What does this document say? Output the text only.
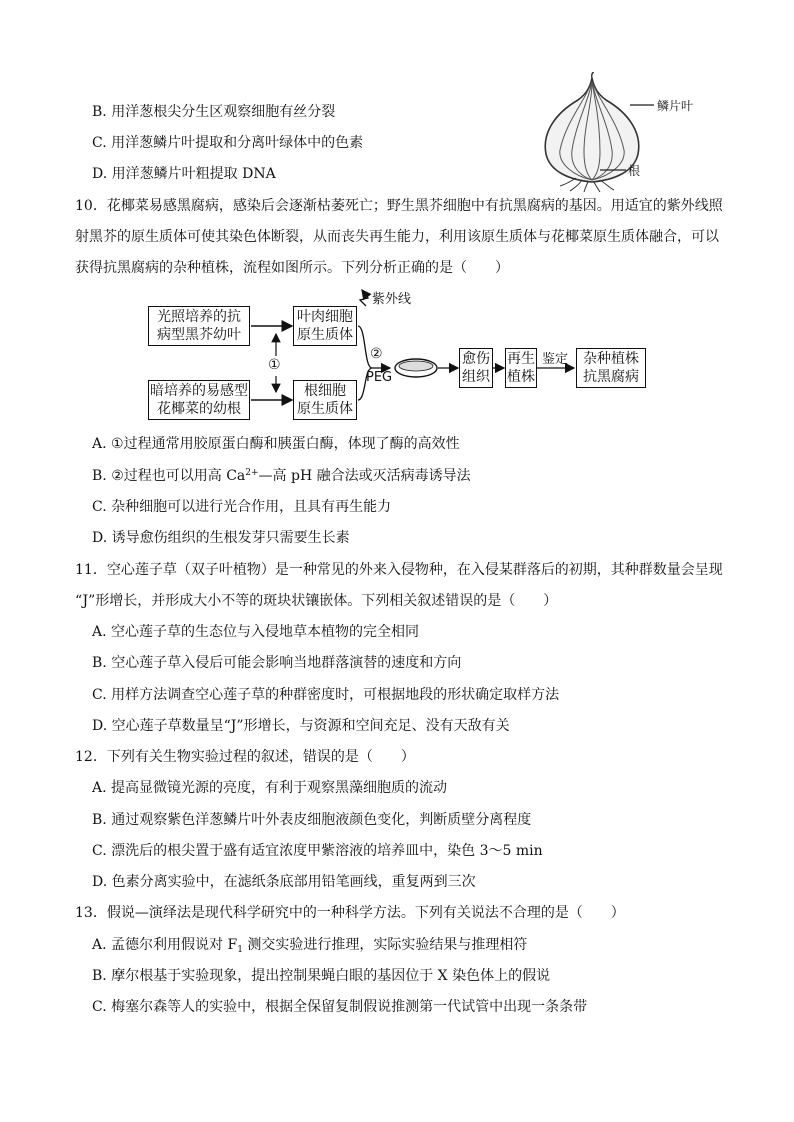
B. 用洋葱根尖分生区观察细胞有丝分裂
C. 用洋葱鳞片叶提取和分离叶绿体中的色素
D. 用洋葱鳞片叶粗提取 DNA
鳞片叶
根
10．花椰菜易感黑腐病，感染后会逐渐枯萎死亡；野生黑芥细胞中有抗黑腐病的基因。用适宜的紫外线照
射黑芥的原生质体可使其染色体断裂，从而丧失再生能力，利用该原生质体与花椰菜原生质体融合，可以
获得抗黑腐病的杂种植株，流程如图所示。下列分析正确的是（　　）
光照培养的抗
病型黑芥幼叶
暗培养的易感型
花椰菜的幼根
叶肉细胞
原生质体
根细胞
原生质体
愈伤
组织
再生
植株
杂种植株
抗黑腐病
紫外线
①
②
PEG
鉴定
A. ①过程通常用胶原蛋白酶和胰蛋白酶，体现了酶的高效性
B. ②过程也可以用高 $Ca^{2+}—$高 pH 融合法或灭活病毒诱导法
C. 杂种细胞可以进行光合作用，且具有再生能力
D. 诱导愈伤组织的生根发芽只需要生长素
11．空心莲子草（双子叶植物）是一种常见的外来入侵物种，在入侵某群落后的初期，其种群数量会呈现
“J”形增长，并形成大小不等的斑块状镶嵌体。下列相关叙述错误的是（　　）
A. 空心莲子草的生态位与入侵地草本植物的完全相同
B. 空心莲子草入侵后可能会影响当地群落演替的速度和方向
C. 用样方法调查空心莲子草的种群密度时，可根据地段的形状确定取样方法
D. 空心莲子草数量呈“J”形增长，与资源和空间充足、没有天敌有关
12．下列有关生物实验过程的叙述，错误的是（　　）
A. 提高显微镜光源的亮度，有利于观察黑藻细胞质的流动
B. 通过观察紫色洋葱鳞片叶外表皮细胞液颜色变化，判断质壁分离程度
C. 漂洗后的根尖置于盛有适宜浓度甲紫溶液的培养皿中，染色 3～5 min
D. 色素分离实验中，在滤纸条底部用铅笔画线，重复两到三次
13．假说—演绎法是现代科学研究中的一种科学方法。下列有关说法不合理的是（　　）
A. 孟德尔利用假说对 $F_1$ 测交实验进行推理，实际实验结果与推理相符
B. 摩尔根基于实验现象，提出控制果蝇白眼的基因位于 X 染色体上的假说
C. 梅塞尔森等人的实验中，根据全保留复制假说推测第一代试管中出现一条条带
